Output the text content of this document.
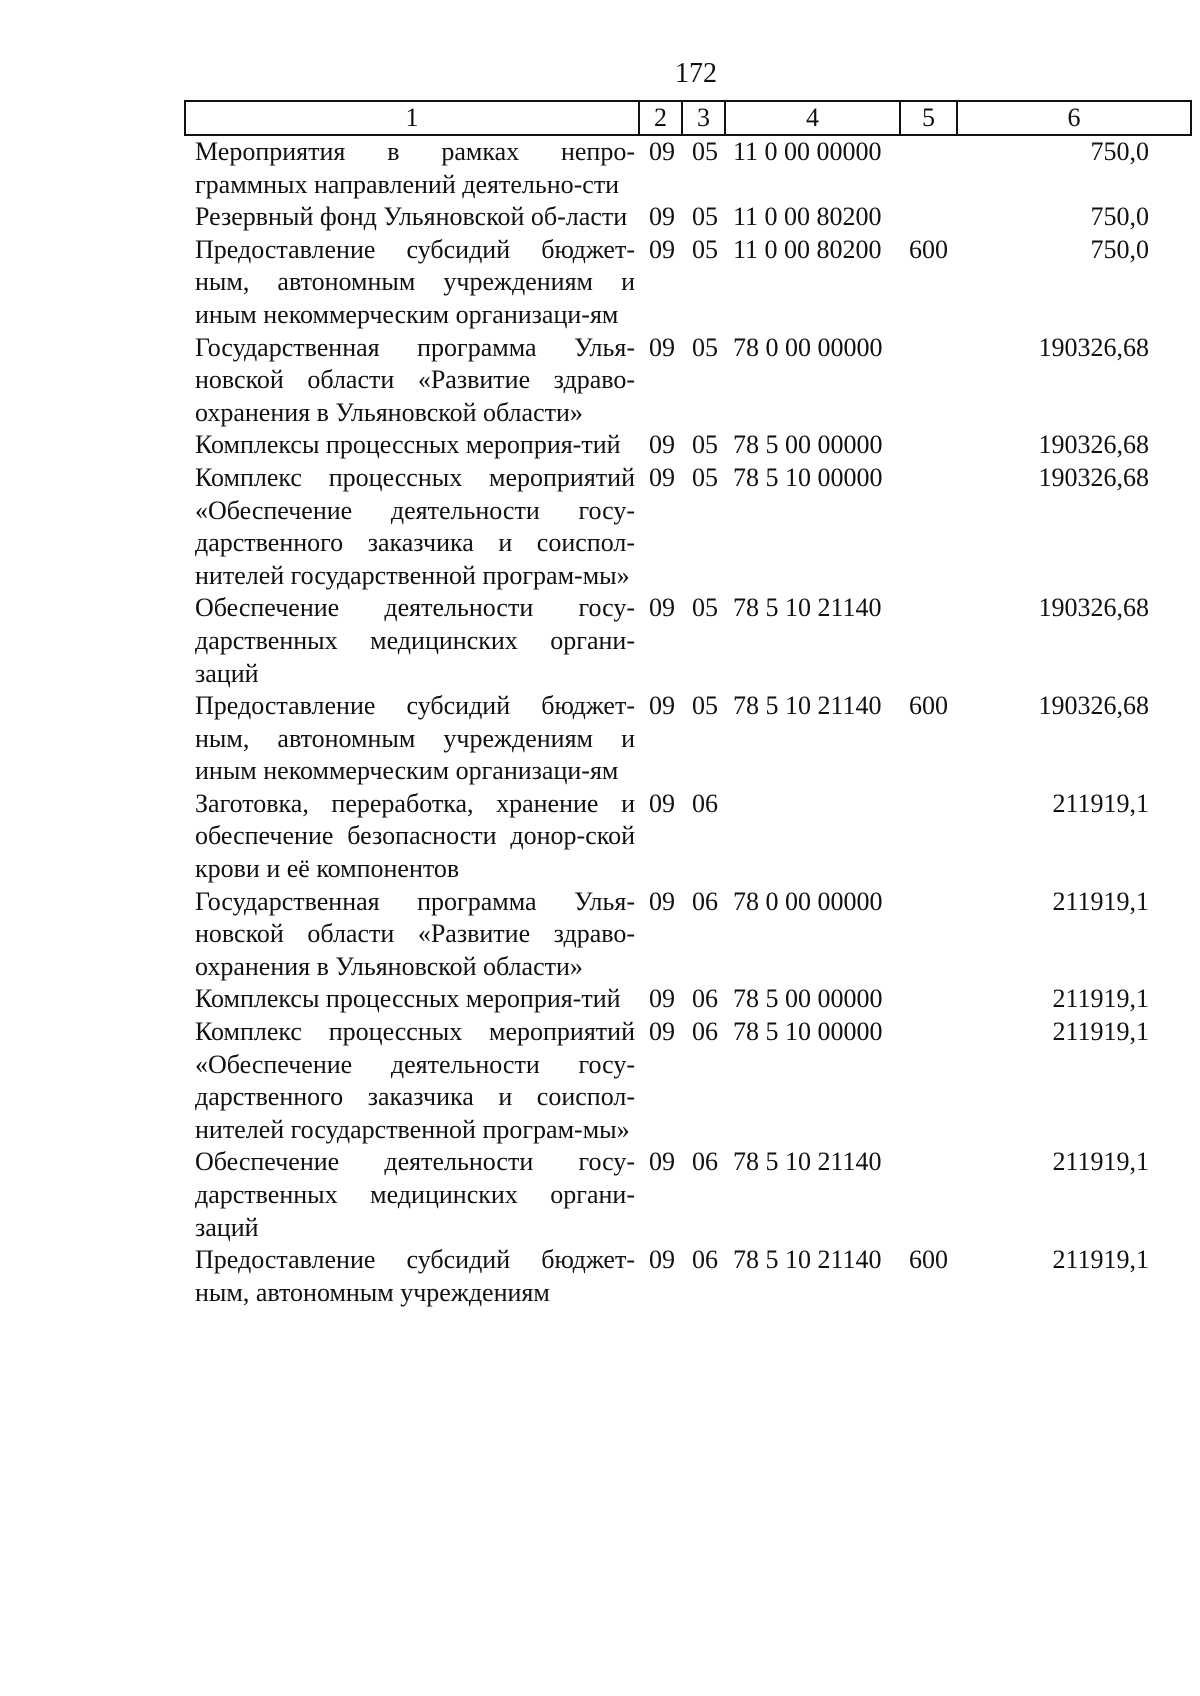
172
1	2	3	4	5	6
Мероприятия в рамках непро-граммных направлений деятельно-сти	09	05	11 0 00 00000		750,0
Резервный фонд Ульяновской об-ласти	09	05	11 0 00 80200		750,0
Предоставление субсидий бюджет-ным, автономным учреждениям и иным некоммерческим организаци-ям	09	05	11 0 00 80200	600	750,0
Государственная программа Улья-новской области «Развитие здраво-охранения в Ульяновской области»	09	05	78 0 00 00000		190326,68
Комплексы процессных мероприя-тий	09	05	78 5 00 00000		190326,68
Комплекс процессных мероприятий «Обеспечение деятельности госу-дарственного заказчика и соиспол-нителей государственной програм-мы»	09	05	78 5 10 00000		190326,68
Обеспечение деятельности госу-дарственных медицинских органи-заций	09	05	78 5 10 21140		190326,68
Предоставление субсидий бюджет-ным, автономным учреждениям и иным некоммерческим организаци-ям	09	05	78 5 10 21140	600	190326,68
Заготовка, переработка, хранение и обеспечение безопасности донор-ской крови и её компонентов	09	06			211919,1
Государственная программа Улья-новской области «Развитие здраво-охранения в Ульяновской области»	09	06	78 0 00 00000		211919,1
Комплексы процессных мероприя-тий	09	06	78 5 00 00000		211919,1
Комплекс процессных мероприятий «Обеспечение деятельности госу-дарственного заказчика и соиспол-нителей государственной програм-мы»	09	06	78 5 10 00000		211919,1
Обеспечение деятельности госу-дарственных медицинских органи-заций	09	06	78 5 10 21140		211919,1
Предоставление субсидий бюджет-ным, автономным учреждениям	09	06	78 5 10 21140	600	211919,1
